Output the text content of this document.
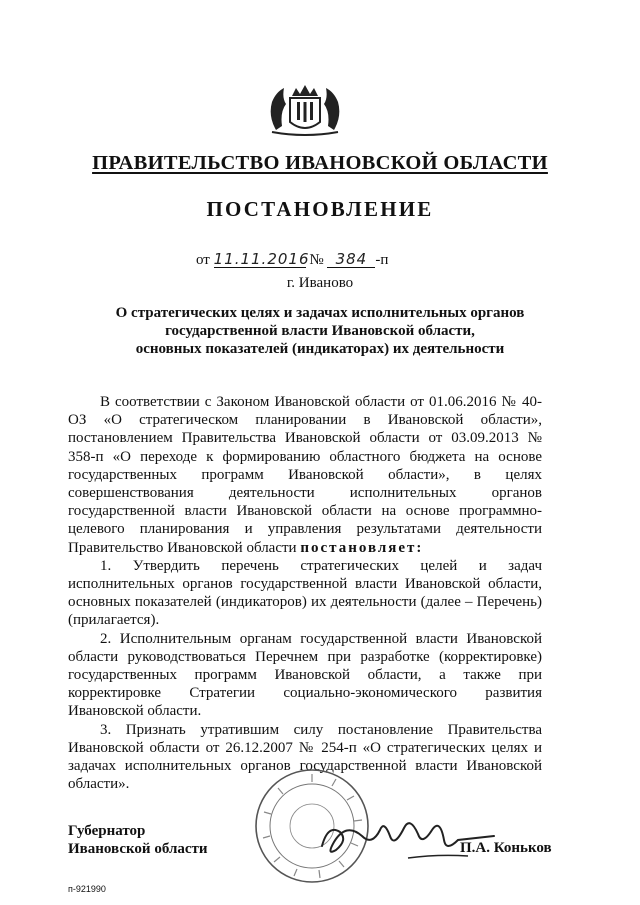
ПРАВИТЕЛЬСТВО ИВАНОВСКОЙ ОБЛАСТИ
ПОСТАНОВЛЕНИЕ
от 11.11.2016 № 384 -п
г. Иваново
О стратегических целях и задачах исполнительных органов
государственной власти Ивановской области,
основных показателей (индикаторах) их деятельности

В соответствии с Законом Ивановской области от 01.06.2016 № 40-ОЗ «О стратегическом планировании в Ивановской области», постановлением Правительства Ивановской области от 03.09.2013 № 358-п «О переходе к формированию областного бюджета на основе государственных программ Ивановской области», в целях совершенствования деятельности исполнительных органов государственной власти Ивановской области на основе программно-целевого планирования и управления результатами деятельности Правительство Ивановской области постановляет:

1. Утвердить перечень стратегических целей и задач исполнительных органов государственной власти Ивановской области, основных показателей (индикаторов) их деятельности (далее – Перечень) (прилагается).

2. Исполнительным органам государственной власти Ивановской области руководствоваться Перечнем при разработке (корректировке) государственных программ Ивановской области, а также при корректировке Стратегии социально-экономического развития Ивановской области.

3. Признать утратившим силу постановление Правительства Ивановской области от 26.12.2007 № 254-п «О стратегических целях и задачах исполнительных органов государственной власти Ивановской области».

Губернатор
Ивановской области	П.А. Коньков
п-921990
